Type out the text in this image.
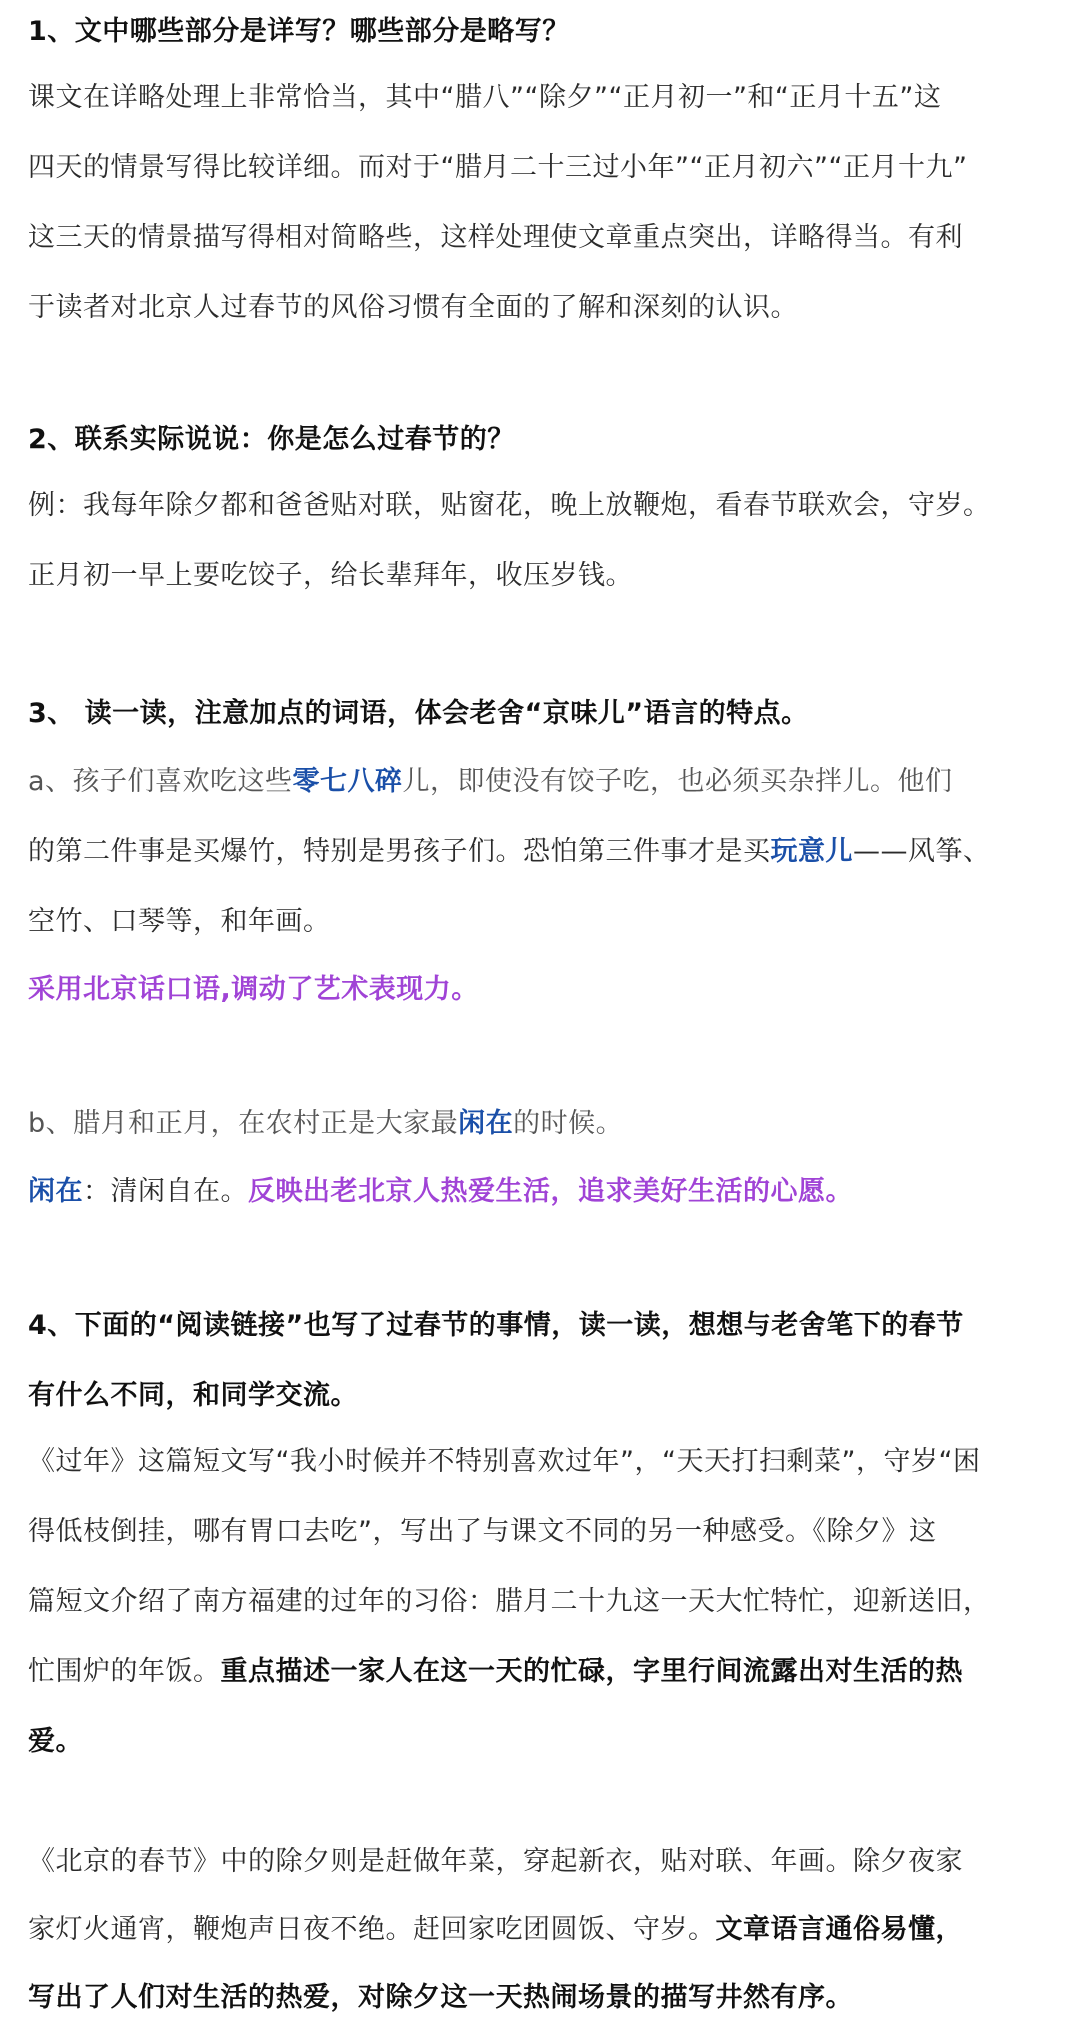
1、文中哪些部分是详写？哪些部分是略写？
课文在详略处理上非常恰当，其中“腊八”“除夕”“正月初一”和“正月十五”这
四天的情景写得比较详细。而对于“腊月二十三过小年”“正月初六”“正月十九”
这三天的情景描写得相对简略些，这样处理使文章重点突出，详略得当。有利
于读者对北京人过春节的风俗习惯有全面的了解和深刻的认识。
2、联系实际说说：你是怎么过春节的？
例：我每年除夕都和爸爸贴对联，贴窗花，晚上放鞭炮，看春节联欢会，守岁。
正月初一早上要吃饺子，给长辈拜年，收压岁钱。
3、 读一读，注意加点的词语，体会老舍“京味儿”语言的特点。
a、孩子们喜欢吃这些零七八碎儿，即使没有饺子吃，也必须买杂拌儿。他们
的第二件事是买爆竹，特别是男孩子们。恐怕第三件事才是买玩意儿——风筝、
空竹、口琴等，和年画。
采用北京话口语,调动了艺术表现力。
b、腊月和正月，在农村正是大家最闲在的时候。
闲在：清闲自在。反映出老北京人热爱生活，追求美好生活的心愿。
4、下面的“阅读链接”也写了过春节的事情，读一读，想想与老舍笔下的春节
有什么不同，和同学交流。
《过年》这篇短文写“我小时候并不特别喜欢过年”，“天天打扫剩菜”，守岁“困
得低枝倒挂，哪有胃口去吃”，写出了与课文不同的另一种感受。《除夕》这
篇短文介绍了南方福建的过年的习俗：腊月二十九这一天大忙特忙，迎新送旧，
忙围炉的年饭。重点描述一家人在这一天的忙碌，字里行间流露出对生活的热
爱。
《北京的春节》中的除夕则是赶做年菜，穿起新衣，贴对联、年画。除夕夜家
家灯火通宵，鞭炮声日夜不绝。赶回家吃团圆饭、守岁。文章语言通俗易懂，
写出了人们对生活的热爱，对除夕这一天热闹场景的描写井然有序。
